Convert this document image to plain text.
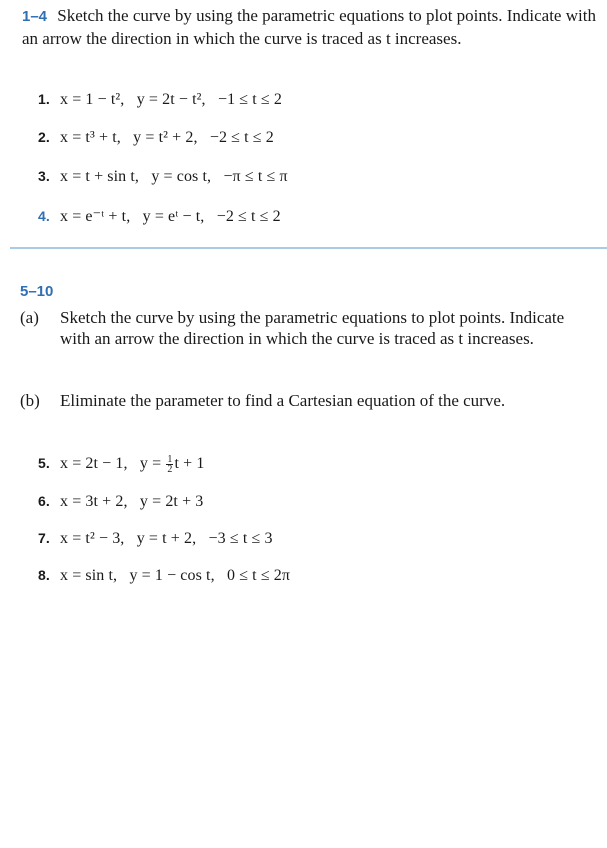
1–4 Sketch the curve by using the parametric equations to plot points. Indicate with an arrow the direction in which the curve is traced as t increases.
1. x = 1 − t², y = 2t − t², −1 ≤ t ≤ 2
2. x = t³ + t, y = t² + 2, −2 ≤ t ≤ 2
3. x = t + sin t, y = cos t, −π ≤ t ≤ π
4. x = e⁻ᵗ + t, y = eᵗ − t, −2 ≤ t ≤ 2
5–10
(a) Sketch the curve by using the parametric equations to plot points. Indicate with an arrow the direction in which the curve is traced as t increases.
(b) Eliminate the parameter to find a Cartesian equation of the curve.
5. x = 2t − 1, $y = \frac{1}{2}$ t + 1
6. x = 3t + 2, y = 2t + 3
7. x = t² − 3, y = t + 2, −3 ≤ t ≤ 3
8. x = sin t, y = 1 − cos t, 0 ≤ t ≤ 2π
